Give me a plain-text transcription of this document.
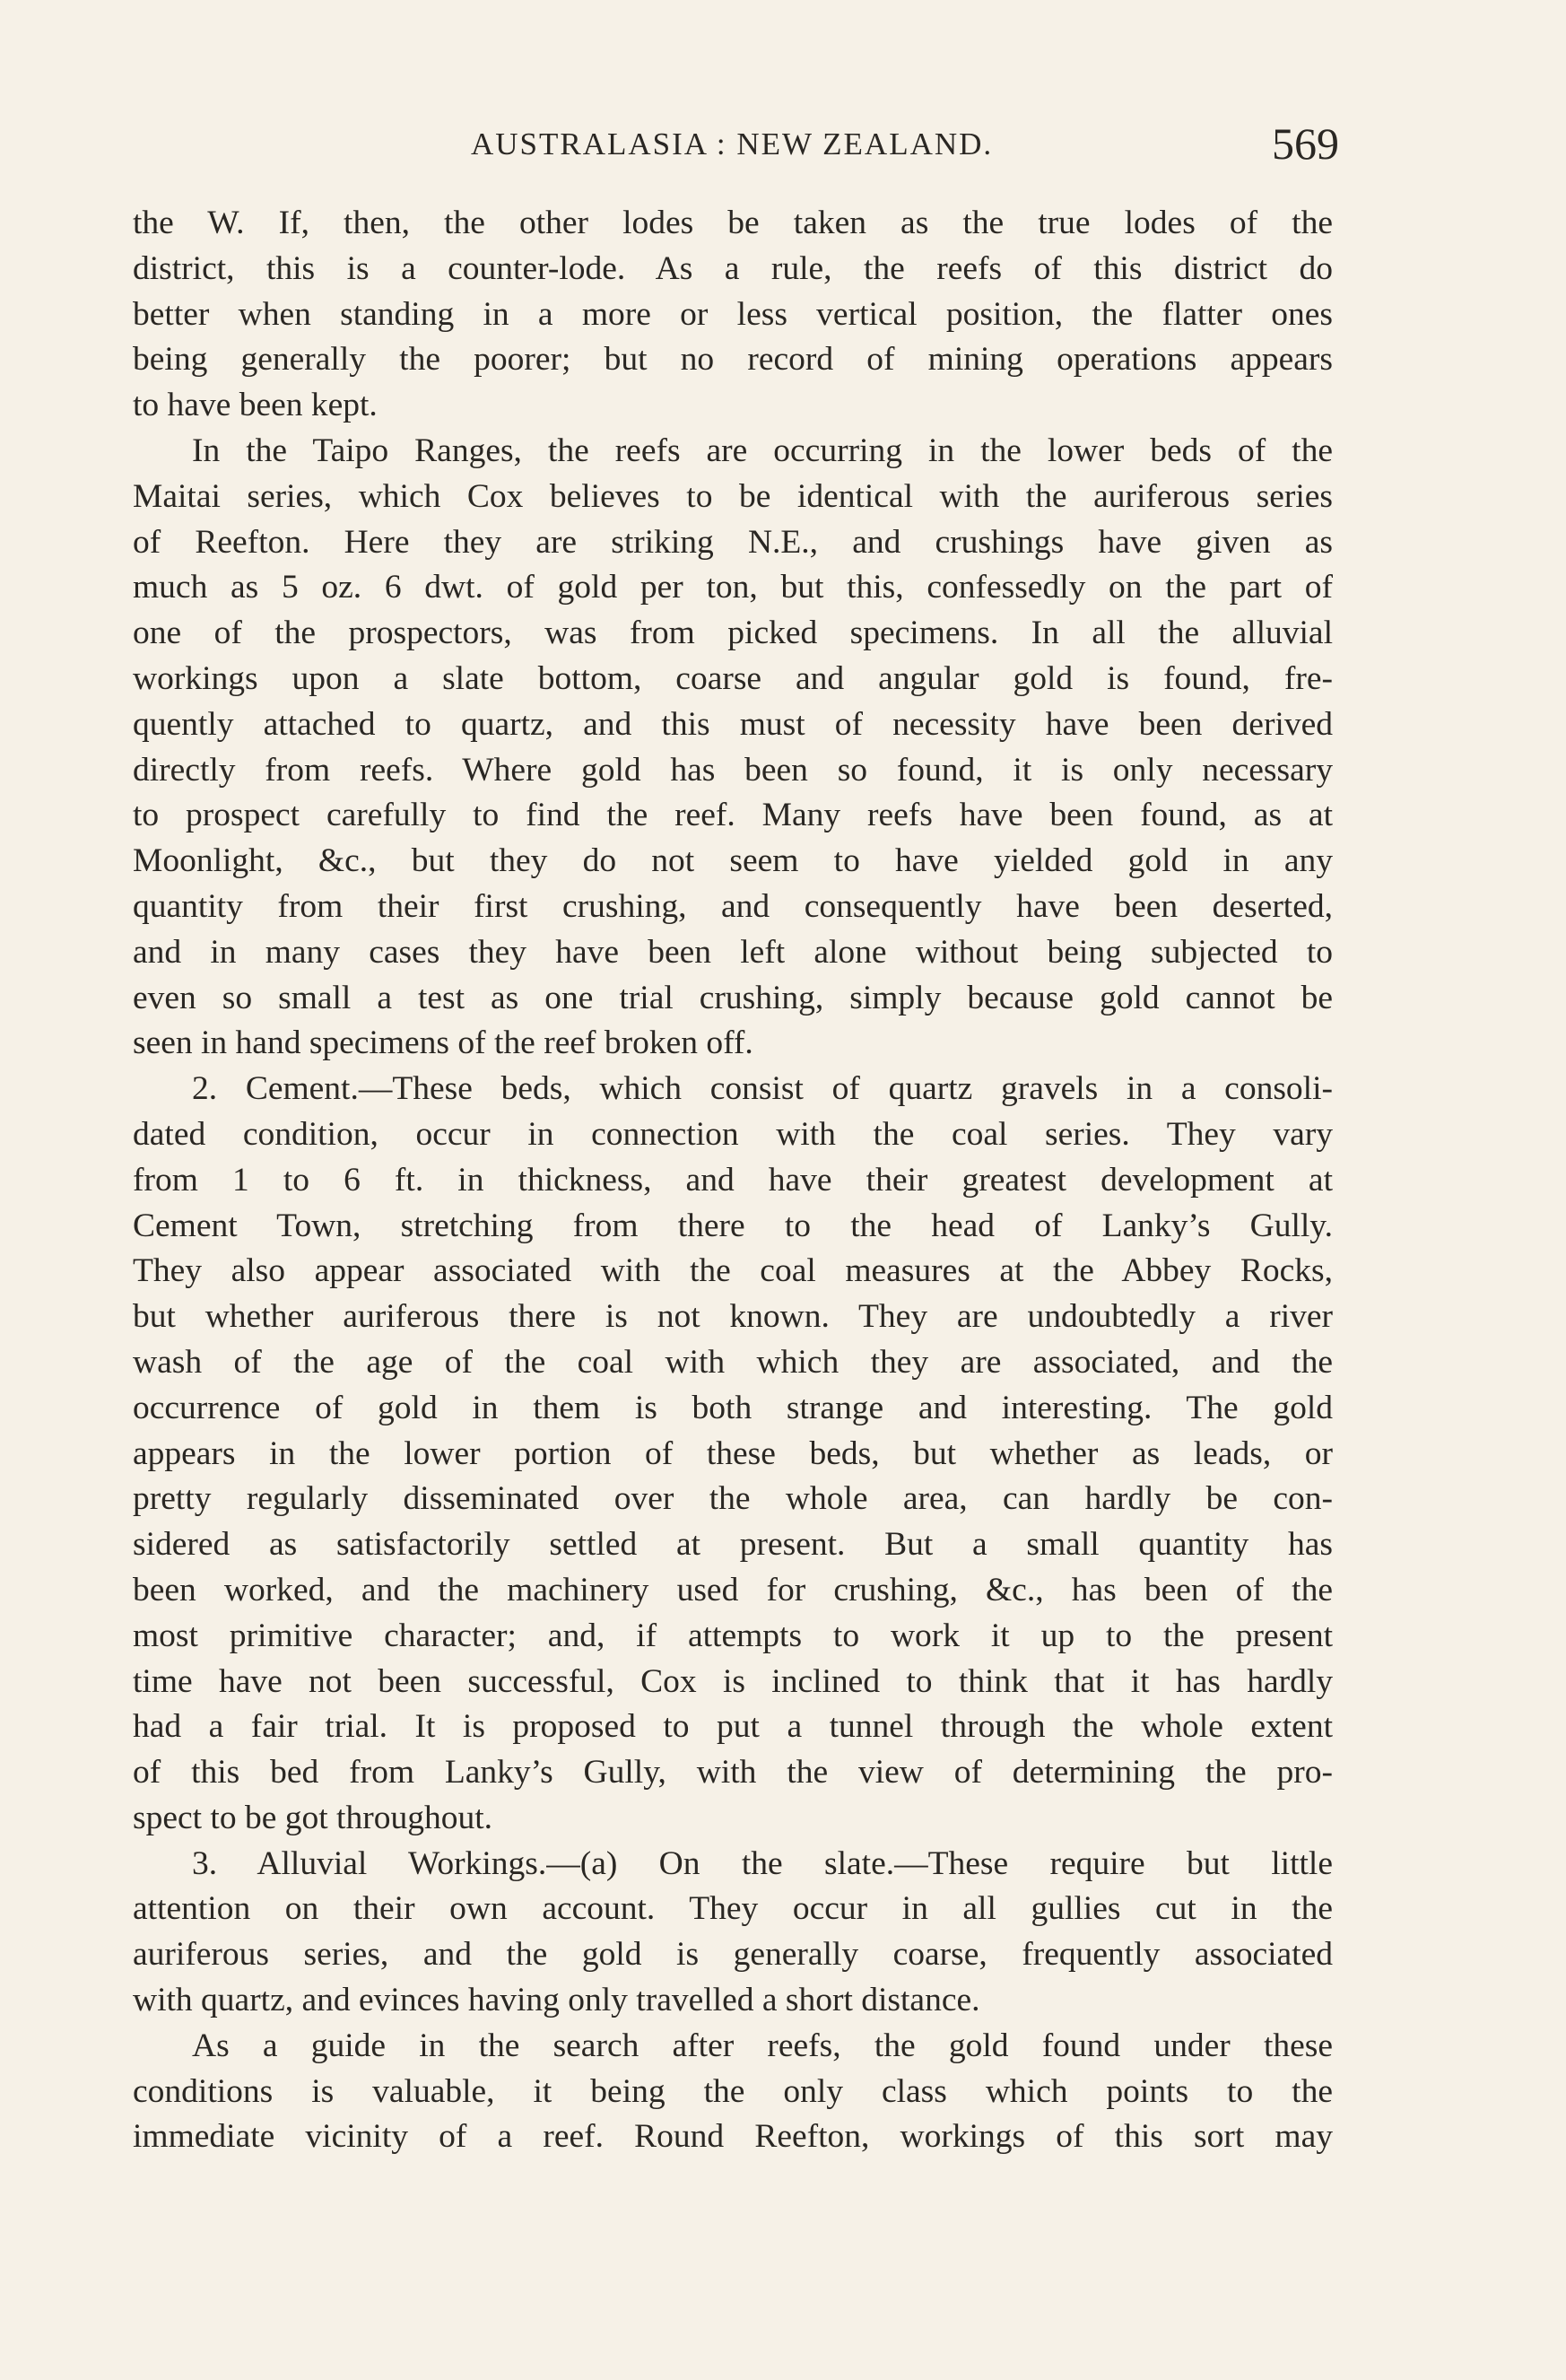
AUSTRALASIA : NEW ZEALAND.	569
the W. If, then, the other lodes be taken as the true lodes of the
district, this is a counter-lode. As a rule, the reefs of this district do
better when standing in a more or less vertical position, the flatter ones
being generally the poorer; but no record of mining operations appears
to have been kept.
In the Taipo Ranges, the reefs are occurring in the lower beds of the
Maitai series, which Cox believes to be identical with the auriferous series
of Reefton. Here they are striking N.E., and crushings have given as
much as 5 oz. 6 dwt. of gold per ton, but this, confessedly on the part of
one of the prospectors, was from picked specimens. In all the alluvial
workings upon a slate bottom, coarse and angular gold is found, fre-
quently attached to quartz, and this must of necessity have been derived
directly from reefs. Where gold has been so found, it is only necessary
to prospect carefully to find the reef. Many reefs have been found, as at
Moonlight, &c., but they do not seem to have yielded gold in any
quantity from their first crushing, and consequently have been deserted,
and in many cases they have been left alone without being subjected to
even so small a test as one trial crushing, simply because gold cannot be
seen in hand specimens of the reef broken off.
2. Cement.—These beds, which consist of quartz gravels in a consoli-
dated condition, occur in connection with the coal series. They vary
from 1 to 6 ft. in thickness, and have their greatest development at
Cement Town, stretching from there to the head of Lanky’s Gully.
They also appear associated with the coal measures at the Abbey Rocks,
but whether auriferous there is not known. They are undoubtedly a river
wash of the age of the coal with which they are associated, and the
occurrence of gold in them is both strange and interesting. The gold
appears in the lower portion of these beds, but whether as leads, or
pretty regularly disseminated over the whole area, can hardly be con-
sidered as satisfactorily settled at present. But a small quantity has
been worked, and the machinery used for crushing, &c., has been of the
most primitive character; and, if attempts to work it up to the present
time have not been successful, Cox is inclined to think that it has hardly
had a fair trial. It is proposed to put a tunnel through the whole extent
of this bed from Lanky’s Gully, with the view of determining the pro-
spect to be got throughout.
3. Alluvial Workings.—(a) On the slate.—These require but little
attention on their own account. They occur in all gullies cut in the
auriferous series, and the gold is generally coarse, frequently associated
with quartz, and evinces having only travelled a short distance.
As a guide in the search after reefs, the gold found under these
conditions is valuable, it being the only class which points to the
immediate vicinity of a reef. Round Reefton, workings of this sort may
